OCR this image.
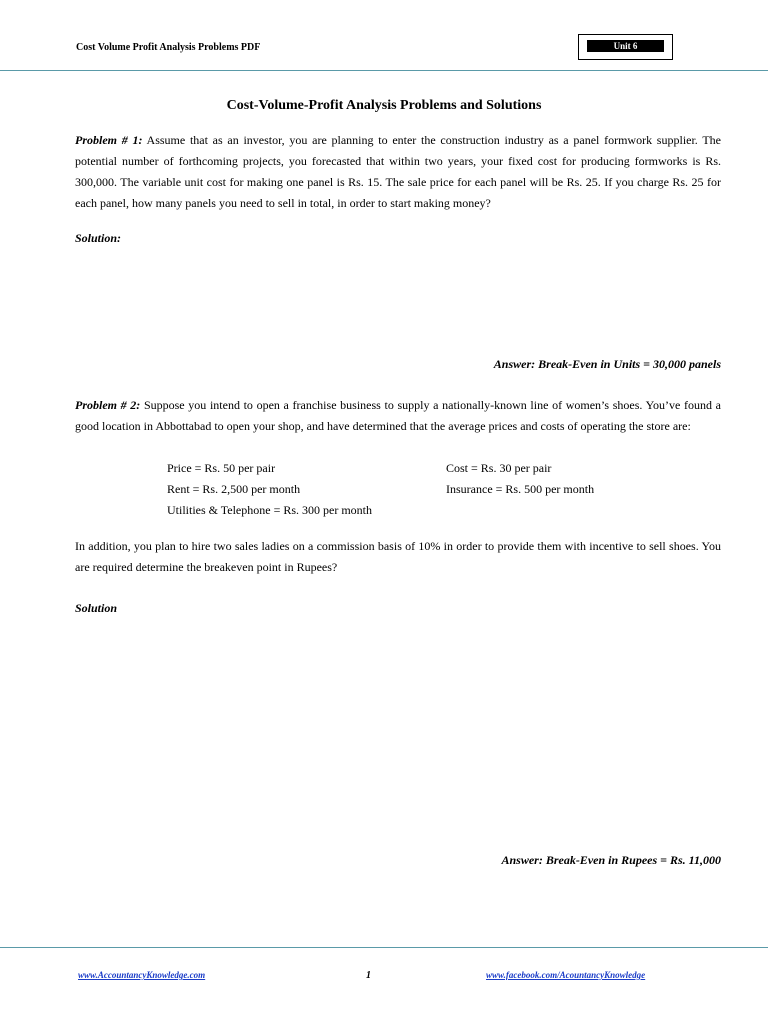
Cost Volume Profit Analysis Problems PDF	Unit 6
Cost-Volume-Profit Analysis Problems and Solutions
Problem # 1: Assume that as an investor, you are planning to enter the construction industry as a panel formwork supplier. The potential number of forthcoming projects, you forecasted that within two years, your fixed cost for producing formworks is Rs. 300,000. The variable unit cost for making one panel is Rs. 15. The sale price for each panel will be Rs. 25. If you charge Rs. 25 for each panel, how many panels you need to sell in total, in order to start making money?
Solution:
Answer: Break-Even in Units = 30,000 panels
Problem # 2: Suppose you intend to open a franchise business to supply a nationally-known line of women’s shoes. You’ve found a good location in Abbottabad to open your shop, and have determined that the average prices and costs of operating the store are:
Price = Rs. 50 per pair	Cost = Rs. 30 per pair
Rent = Rs. 2,500 per month	Insurance = Rs. 500 per month
Utilities & Telephone = Rs. 300 per month
In addition, you plan to hire two sales ladies on a commission basis of 10% in order to provide them with incentive to sell shoes. You are required determine the breakeven point in Rupees?
Solution
Answer: Break-Even in Rupees = Rs. 11,000
www.AccountancyKnowledge.com	1	www.facebook.com/AcountancyKnowledge
